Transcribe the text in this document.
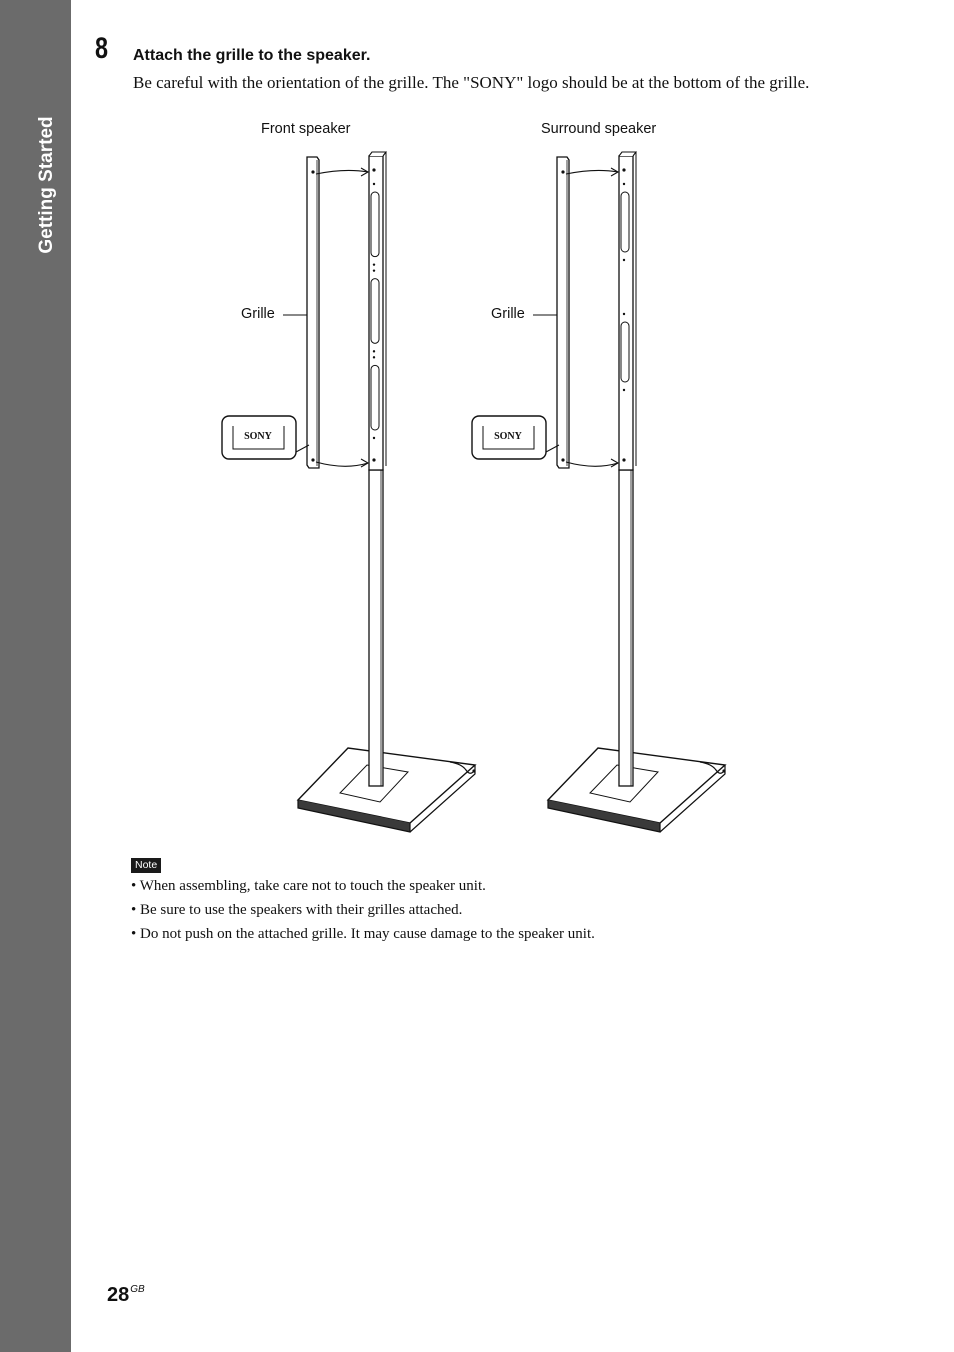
Getting Started
8 Attach the grille to the speaker.
Be careful with the orientation of the grille. The "SONY" logo should be at the bottom of the grille.
SONY	SONY
Front speaker	Surround speaker
Grille	Grille
Note
• When assembling, take care not to touch the speaker unit.
• Be sure to use the speakers with their grilles attached.
• Do not push on the attached grille. It may cause damage to the speaker unit.
$28^{GB}$
